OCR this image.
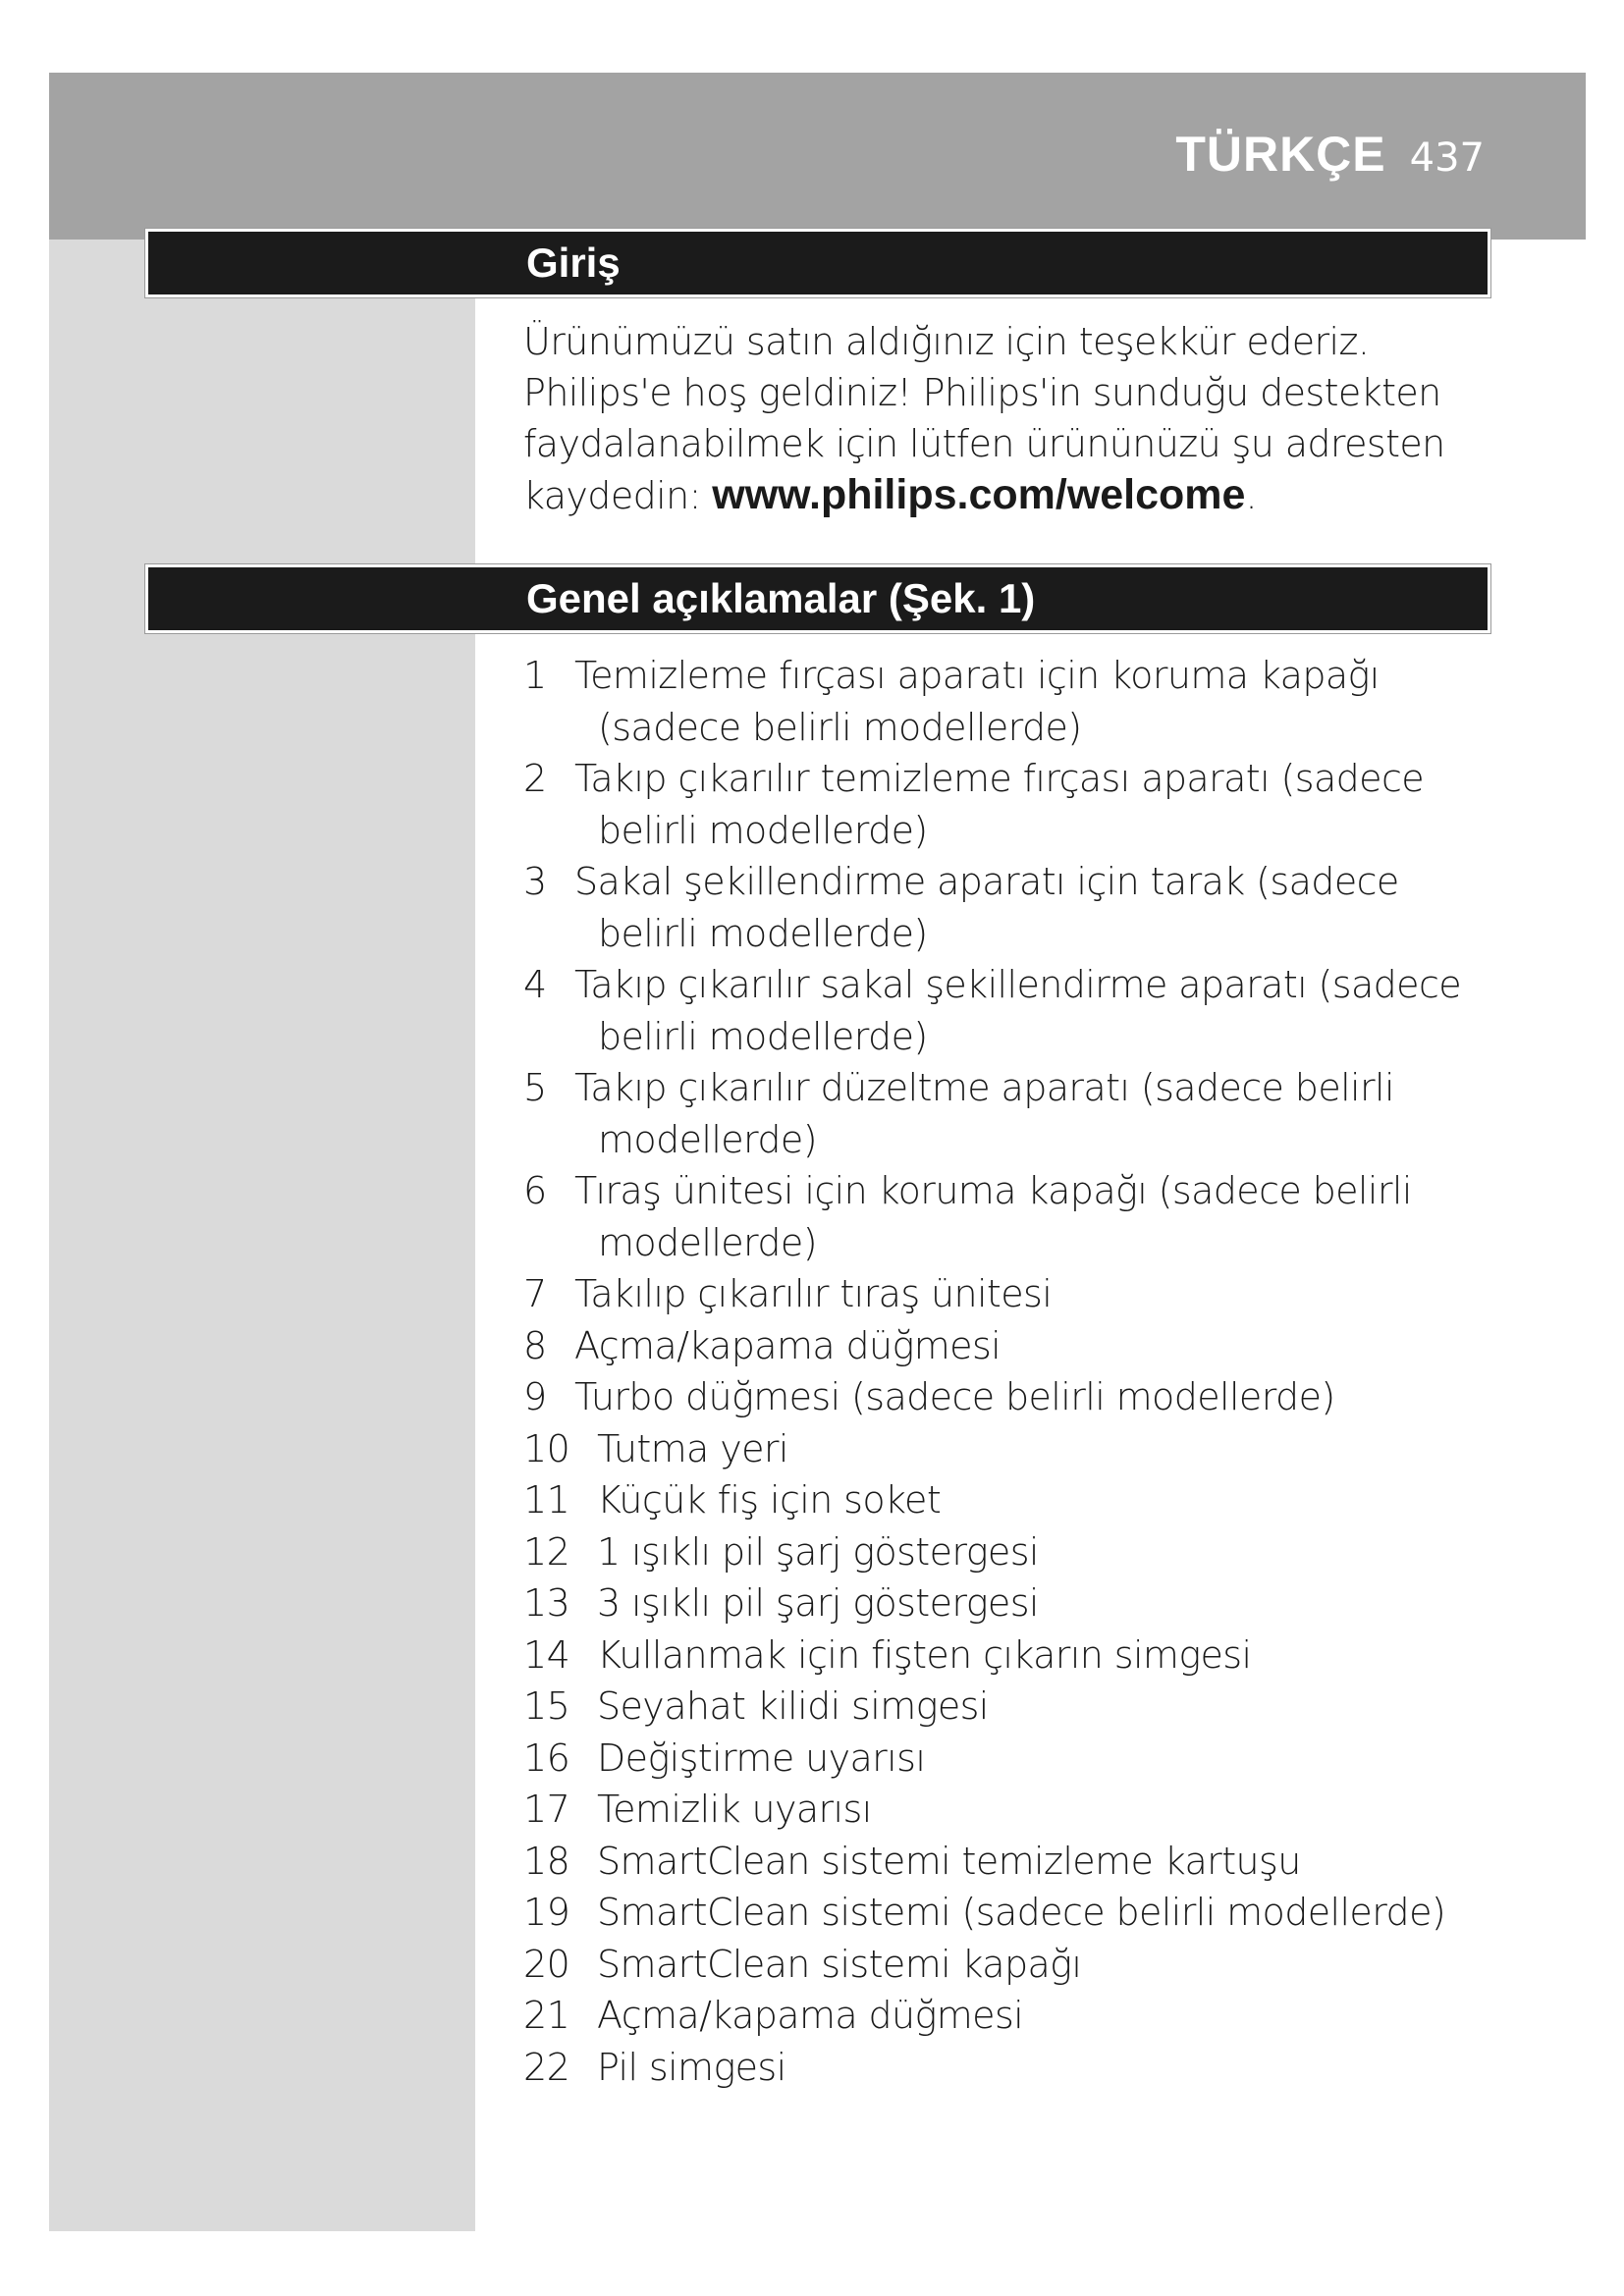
TÜRKÇE 437
Giriş

Ürünümüzü satın aldığınız için teşekkür ederiz. Philips'e hoş geldiniz! Philips'in sunduğu destekten faydalanabilmek için lütfen ürününüzü şu adresten kaydedin: www.philips.com/welcome.

Genel açıklamalar (Şek. 1)
1 Temizleme fırçası aparatı için koruma kapağı
(sadece belirli modellerde)
2 Takıp çıkarılır temizleme fırçası aparatı (sadece
belirli modellerde)
3 Sakal şekillendirme aparatı için tarak (sadece
belirli modellerde)
4 Takıp çıkarılır sakal şekillendirme aparatı (sadece
belirli modellerde)
5 Takıp çıkarılır düzeltme aparatı (sadece belirli
modellerde)
6 Tıraş ünitesi için koruma kapağı (sadece belirli
modellerde)
7 Takılıp çıkarılır tıraş ünitesi
8 Açma/kapama düğmesi
9 Turbo düğmesi (sadece belirli modellerde)
10 Tutma yeri
11 Küçük fiş için soket
12 1 ışıklı pil şarj göstergesi
13 3 ışıklı pil şarj göstergesi
14 Kullanmak için fişten çıkarın simgesi
15 Seyahat kilidi simgesi
16 Değiştirme uyarısı
17 Temizlik uyarısı
18 SmartClean sistemi temizleme kartuşu
19 SmartClean sistemi (sadece belirli modellerde)
20 SmartClean sistemi kapağı
21 Açma/kapama düğmesi
22 Pil simgesi
